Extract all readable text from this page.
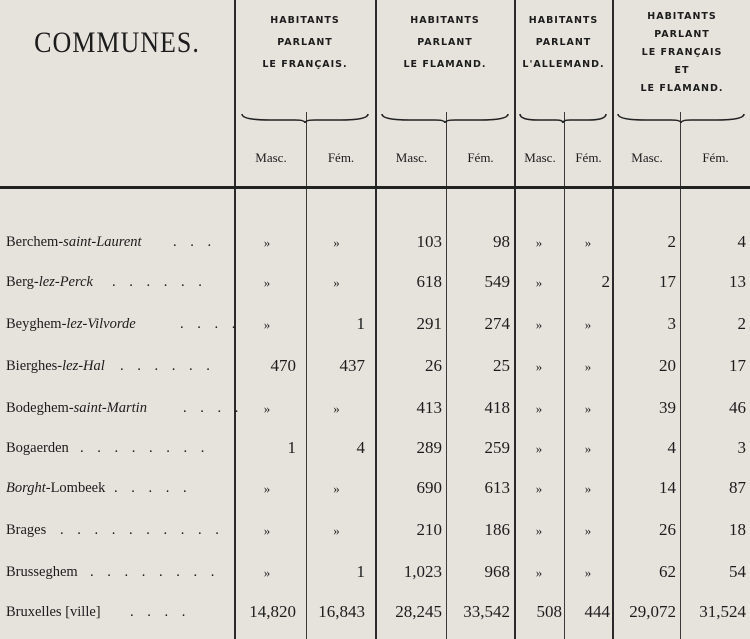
COMMUNES.
HABITANTS
PARLANT
LE FRANÇAIS.
HABITANTS
PARLANT
LE FLAMAND.
HABITANTS
PARLANT
L'ALLEMAND.
HABITANTS
PARLANT
LE FRANÇAIS
ET
LE FLAMAND.
Masc.	Fém.	Masc.	Fém.	Masc.	Fém.	Masc.	Fém.
Berchem-saint-Laurent . . .	»	»	103	98	»	»	2	4
Berg-lez-Perck . . . . . .	»	»	618	549	»	2	17	13
Beyghem-lez-Vilvorde	. . . .	»	1	291	274	»	»	3	2
Bierghes-lez-Hal . . . . . .	470	437	26	25	»	»	20	17
Bodeghem-saint-Martin . . . .	»	»	413	418	»	»	39	46
Bogaerden . . . . . . . .	1	4	289	259	»	»	4	3
Borght-Lombeek . . . . .	»	»	690	613	»	»	14	87
Brages . . . . . . . . . .	»	»	210	186	»	»	26	18
Brusseghem . . . . . . . .	»	1	1,023	968	»	»	62	54
Bruxelles [ville] . . . .	14,820	16,843	28,245	33,542	508	444	29,072	31,524
